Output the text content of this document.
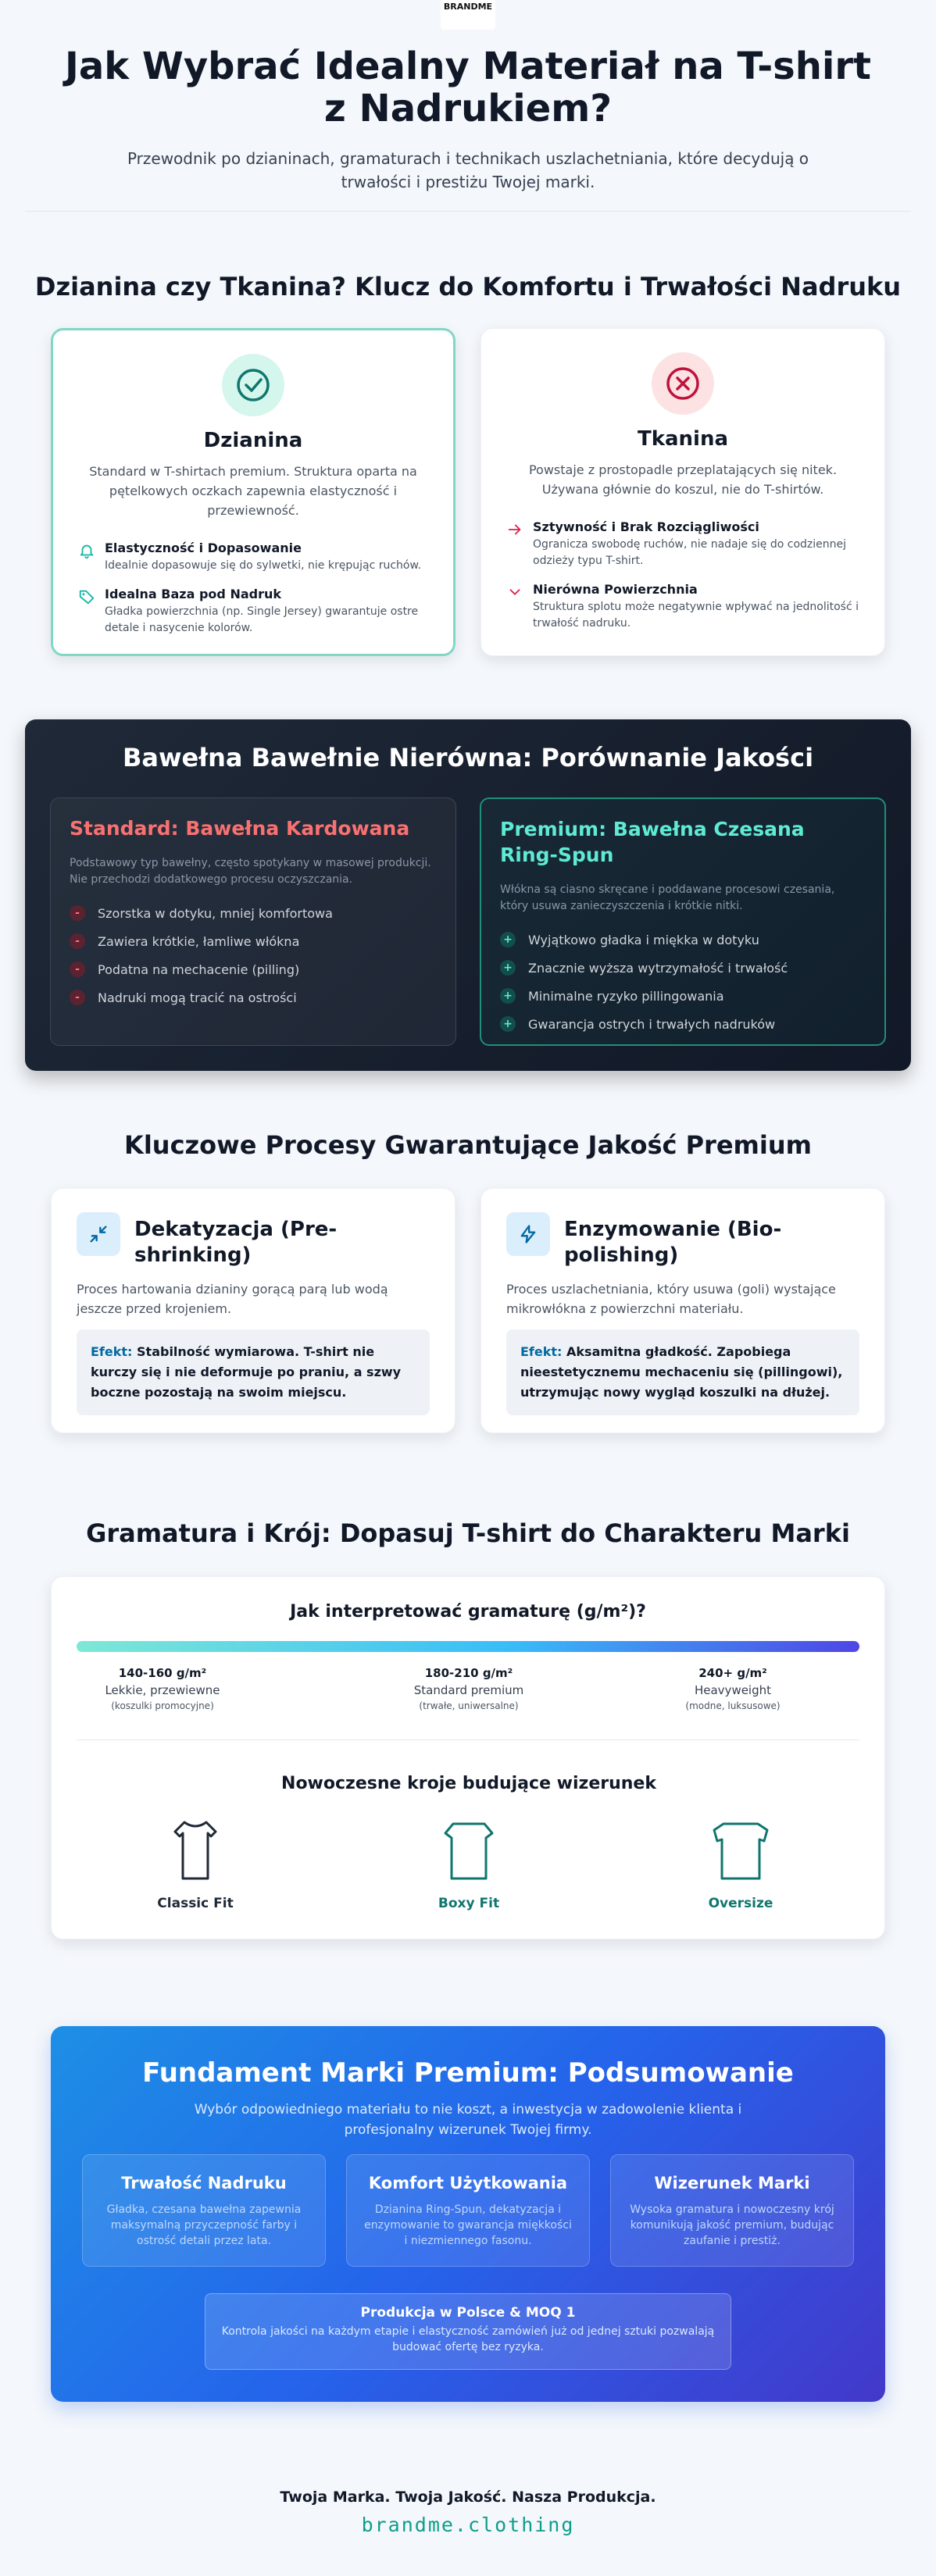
BRANDME
Jak Wybrać Idealny Materiał na T-shirt z Nadrukiem?

Przewodnik po dzianinach, gramaturach i technikach uszlachetniania, które decydują o trwałości i prestiżu Twojej marki.

Dzianina czy Tkanina? Klucz do Komfortu i Trwałości Nadruku
Dzianina
Standard w T-shirtach premium. Struktura oparta na pętelkowych oczkach zapewnia elastyczność i przewiewność.
Elastyczność i Dopasowanie
Idealnie dopasowuje się do sylwetki, nie krępując ruchów.
Idealna Baza pod Nadruk
Gładka powierzchnia (np. Single Jersey) gwarantuje ostre detale i nasycenie kolorów.
Tkanina
Powstaje z prostopadle przeplatających się nitek. Używana głównie do koszul, nie do T-shirtów.
Sztywność i Brak Rozciągliwości
Ogranicza swobodę ruchów, nie nadaje się do codziennej odzieży typu T-shirt.
Nierówna Powierzchnia
Struktura splotu może negatywnie wpływać na jednolitość i trwałość nadruku.
Bawełna Bawełnie Nierówna: Porównanie Jakości
Standard: Bawełna Kardowana
Podstawowy typ bawełny, często spotykany w masowej produkcji. Nie przechodzi dodatkowego procesu oczyszczania.
-	Szorstka w dotyku, mniej komfortowa
-	Zawiera krótkie, łamliwe włókna
-	Podatna na mechacenie (pilling)
-	Nadruki mogą tracić na ostrości
Premium: Bawełna Czesana Ring-Spun
Włókna są ciasno skręcane i poddawane procesowi czesania, który usuwa zanieczyszczenia i krótkie nitki.
+ Wyjątkowo gładka i miękka w dotyku
+ Znacznie wyższa wytrzymałość i trwałość
+ Minimalne ryzyko pillingowania
+ Gwarancja ostrych i trwałych nadruków
Kluczowe Procesy Gwarantujące Jakość Premium
Dekatyzacja (Pre-shrinking)
Proces hartowania dzianiny gorącą parą lub wodą jeszcze przed krojeniem.
Efekt: Stabilność wymiarowa. T-shirt nie kurczy się i nie deformuje po praniu, a szwy boczne pozostają na swoim miejscu.
Enzymowanie (Bio-polishing)
Proces uszlachetniania, który usuwa (goli) wystające mikrowłókna z powierzchni materiału.
Efekt: Aksamitna gładkość. Zapobiega nieestetycznemu mechaceniu się (pillingowi), utrzymując nowy wygląd koszulki na dłużej.
Gramatura i Krój: Dopasuj T-shirt do Charakteru Marki
Jak interpretować gramaturę (g/m²)?
140-160 g/m²
Lekkie, przewiewne
(koszulki promocyjne)
180-210 g/m²
Standard premium
(trwałe, uniwersalne)
240+ g/m²
Heavyweight
(modne, luksusowe)
Nowoczesne kroje budujące wizerunek
Classic Fit	Boxy Fit	Oversize
Fundament Marki Premium: Podsumowanie
Wybór odpowiedniego materiału to nie koszt, a inwestycja w zadowolenie klienta i profesjonalny wizerunek Twojej firmy.
Trwałość Nadruku
Gładka, czesana bawełna zapewnia maksymalną przyczepność farby i ostrość detali przez lata.
Komfort Użytkowania
Dzianina Ring-Spun, dekatyzacja i enzymowanie to gwarancja miękkości i niezmiennego fasonu.
Wizerunek Marki
Wysoka gramatura i nowoczesny krój komunikują jakość premium, budując zaufanie i prestiż.
Produkcja w Polsce & MOQ 1
Kontrola jakości na każdym etapie i elastyczność zamówień już od jednej sztuki pozwalają budować ofertę bez ryzyka.
Twoja Marka. Twoja Jakość. Nasza Produkcja.
brandme.clothing
